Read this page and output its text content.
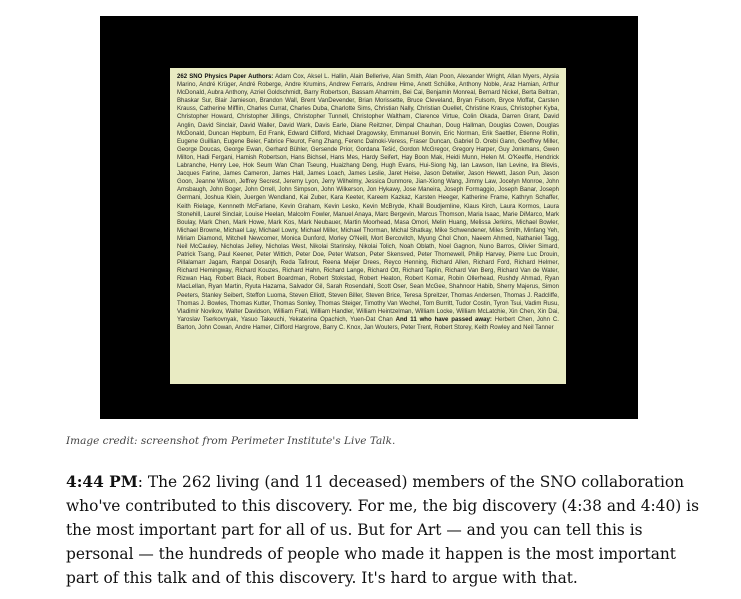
262 SNO Physics Paper Authors: Adam Cox, Aksel L. Hallin, Alain Bellerive, Alan Smith, Alan Poon, Alexander Wright, Allan Myers, Alysia Marino, André Krüger, André Roberge, Andre Krumins, Andrew Ferraris, Andrew Hime, Anett Schülke, Anthony Noble, Araz Hamian, Arthur McDonald, Aubra Anthony, Azriel Goldschmidt, Barry Robertson, Bassam Aharmim, Bei Cai, Benjamin Monreal, Bernard Nickel, Berta Beltran, Bhaskar Sur, Blair Jamieson, Brandon Wall, Brent VanDevender, Brian Morissette, Bruce Cleveland, Bryan Fulsom, Bryce Moffat, Carsten Krauss, Catherine Mifflin, Charles Currat, Charles Duba, Charlotte Sims, Christian Nally, Christian Ouellet, Christine Kraus, Christopher Kyba, Christopher Howard, Christopher Jillings, Christopher Tunnell, Christopher Waltham, Clarence Virtue, Colin Okada, Darren Grant, David Anglin, David Sinclair, David Waller, David Wark, Davis Earle, Diane Reitzner, Dimpal Chauhan, Doug Hallman, Douglas Cowen, Douglas McDonald, Duncan Hepburn, Ed Frank, Edward Clifford, Michael Dragowsky, Emmanuel Bonvin, Eric Norman, Erik Saettler, Etienne Rollin, Eugene Guillian, Eugene Beier, Fabrice Fleurot, Feng Zhang, Ferenc Dalnoki-Veress, Fraser Duncan, Gabriel D. Orebi Gann, Geoffrey Miller, George Doucas, George Ewan, Gerhard Bühler, Gersende Prior, Gordana Tešić, Gordon McGregor, Gregory Harper, Guy Jonkmans, Gwen Milton, Hadi Fergani, Hamish Robertson, Hans Bichsel, Hans Mes, Hardy Seifert, Hay Boon Mak, Heidi Munn, Helen M. O'Keeffe, Hendrick Labranche, Henry Lee, Hok Seum Wan Chan Tseung, Huaizhang Deng, Hugh Evans, Hui-Siong Ng, Ian Lawson, Ilan Levine, Ira Blevis, Jacques Farine, James Cameron, James Hall, James Loach, James Leslie, Jaret Heise, Jason Detwiler, Jason Hewett, Jason Pun, Jason Goon, Jeanne Wilson, Jeffrey Secrest, Jeremy Lyon, Jerry Wilhelmy, Jessica Dunmore, Jian-Xiong Wang, Jimmy Law, Jocelyn Monroe, John Amsbaugh, John Boger, John Orrell, John Simpson, John Wilkerson, Jon Hykawy, Jose Maneira, Joseph Formaggio, Joseph Banar, Joseph Germani, Joshua Klein, Juergen Wendland, Kai Zuber, Kara Keeter, Kareem Kazkaz, Karsten Heeger, Katherine Frame, Kathryn Schaffer, Keith Rielage, Kennneth McFarlane, Kevin Graham, Kevin Lesko, Kevin McBryde, Khalil Boudjemline, Klaus Kirch, Laura Kormos, Laura Stonehill, Laurel Sinclair, Louise Heelan, Malcolm Fowler, Manuel Anaya, Marc Bergevin, Marcus Thomson, Maria Isaac, Marie DiMarco, Mark Boulay, Mark Chen, Mark Howe, Mark Kos, Mark Neubauer, Martin Moorhead, Masa Omori, Melin Huang, Melissa Jerkins, Michael Bowler, Michael Browne, Michael Lay, Michael Lowry, Michael Miller, Michael Thorman, Michal Shatkay, Mike Schwendener, Miles Smith, Minfang Yeh, Miriam Diamond, Mitchell Newcomer, Monica Dunford, Morley O'Neill, Mort Bercovitch, Myung Chol Chon, Naeem Ahmed, Nathaniel Tagg, Neil McCauley, Nicholas Jelley, Nicholas West, Nikolai Starinsky, Nikolai Tolich, Noah Oblath, Noel Gagnon, Nuno Barros, Olivier Simard, Patrick Tsang, Paul Keener, Peter Wittich, Peter Doe, Peter Watson, Peter Skensved, Peter Thornewell, Philip Harvey, Pierre Luc Drouin, Pillalamarr Jagam, Ranpal Dosanjh, Reda Tafirout, Reena Meijer Drees, Reyco Henning, Richard Allen, Richard Ford, Richard Helmer, Richard Hemingway, Richard Kouzes, Richard Hahn, Richard Lange, Richard Ott, Richard Taplin, Richard Van Berg, Richard Van de Water, Rizwan Haq, Robert Black, Robert Boardman, Robert Stokstad, Robert Heaton, Robert Komar, Robin Ollerhead, Rushdy Ahmad, Ryan MacLellan, Ryan Martin, Ryuta Hazama, Salvador Gil, Sarah Rosendahl, Scott Oser, Sean McGee, Shahnoor Habib, Sherry Majerus, Simon Peeters, Stanley Seibert, Steffon Luoma, Steven Elliott, Steven Biller, Steven Brice, Teresa Spreitzer, Thomas Andersen, Thomas J. Radcliffe, Thomas J. Bowles, Thomas Kutter, Thomas Sonley, Thomas Steiger, Timothy Van Wechel, Tom Burritt, Tudor Costin, Tyron Tsui, Vadim Rusu, Vladimir Novikov, Walter Davidson, William Frati, William Handler, William Heintzelman, William Locke, William McLatchie, Xin Chen, Xin Dai, Yaroslav Tserkovnyak, Yasuo Takeuchi, Yekaterina Opachich, Yuen-Dat Chan And 11 who have passed away: Herbert Chen, John C. Barton, John Cowan, Andre Hamer, Clifford Hargrove, Barry C. Knox, Jan Wouters, Peter Trent, Robert Storey, Keith Rowley and Neil Tanner

Image credit: screenshot from Perimeter Institute's Live Talk.

4:44 PM: The 262 living (and 11 deceased) members of the SNO collaboration who've contributed to this discovery. For me, the big discovery (4:38 and 4:40) is the most important part for all of us. But for Art — and you can tell this is personal — the hundreds of people who made it happen is the most important part of this talk and of this discovery. It's hard to argue with that.
